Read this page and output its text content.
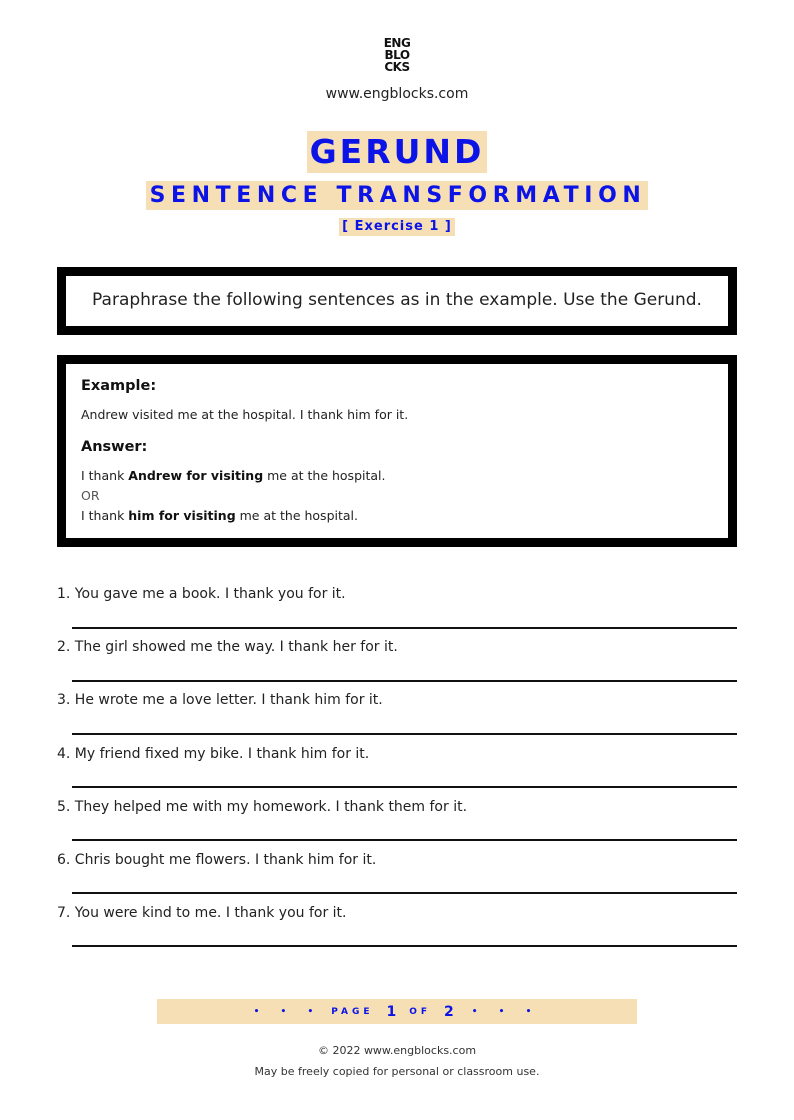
ENG
BLO
CKS
www.engblocks.com
GERUND
SENTENCE TRANSFORMATION
[ Exercise 1 ]
Paraphrase the following sentences as in the example. Use the Gerund.
Example:
Andrew visited me at the hospital. I thank him for it.
Answer:
I thank Andrew for visiting me at the hospital.
OR
I thank him for visiting me at the hospital.
1. You gave me a book. I thank you for it.
2. The girl showed me the way. I thank her for it.
3. He wrote me a love letter. I thank him for it.
4. My friend fixed my bike. I thank him for it.
5. They helped me with my homework. I thank them for it.
6. Chris bought me flowers. I thank him for it.
7. You were kind to me. I thank you for it.
• • • PAGE 1 OF 2 • • •
© 2022 www.engblocks.com
May be freely copied for personal or classroom use.
